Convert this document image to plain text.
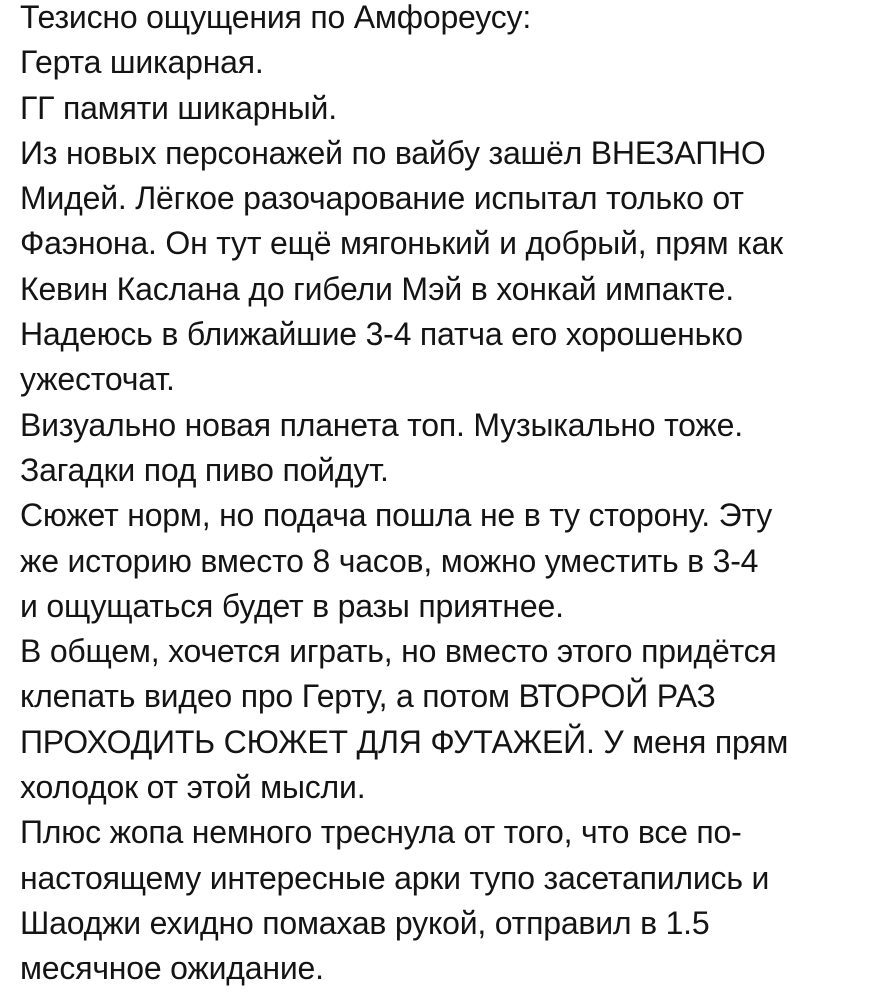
Тезисно ощущения по Амфореусу:
Герта шикарная.
ГГ памяти шикарный.
Из новых персонажей по вайбу зашёл ВНЕЗАПНО
Мидей. Лёгкое разочарование испытал только от
Фаэнона. Он тут ещё мягонький и добрый, прям как
Кевин Каслана до гибели Мэй в хонкай импакте.
Надеюсь в ближайшие 3-4 патча его хорошенько
ужесточат.
Визуально новая планета топ. Музыкально тоже.
Загадки под пиво пойдут.
Сюжет норм, но подача пошла не в ту сторону. Эту
же историю вместо 8 часов, можно уместить в 3-4
и ощущаться будет в разы приятнее.
В общем, хочется играть, но вместо этого придётся
клепать видео про Герту, а потом ВТОРОЙ РАЗ
ПРОХОДИТЬ СЮЖЕТ ДЛЯ ФУТАЖЕЙ. У меня прям
холодок от этой мысли.
Плюс жопа немного треснула от того, что все по-
настоящему интересные арки тупо засетапились и
Шаоджи ехидно помахав рукой, отправил в 1.5
месячное ожидание.
